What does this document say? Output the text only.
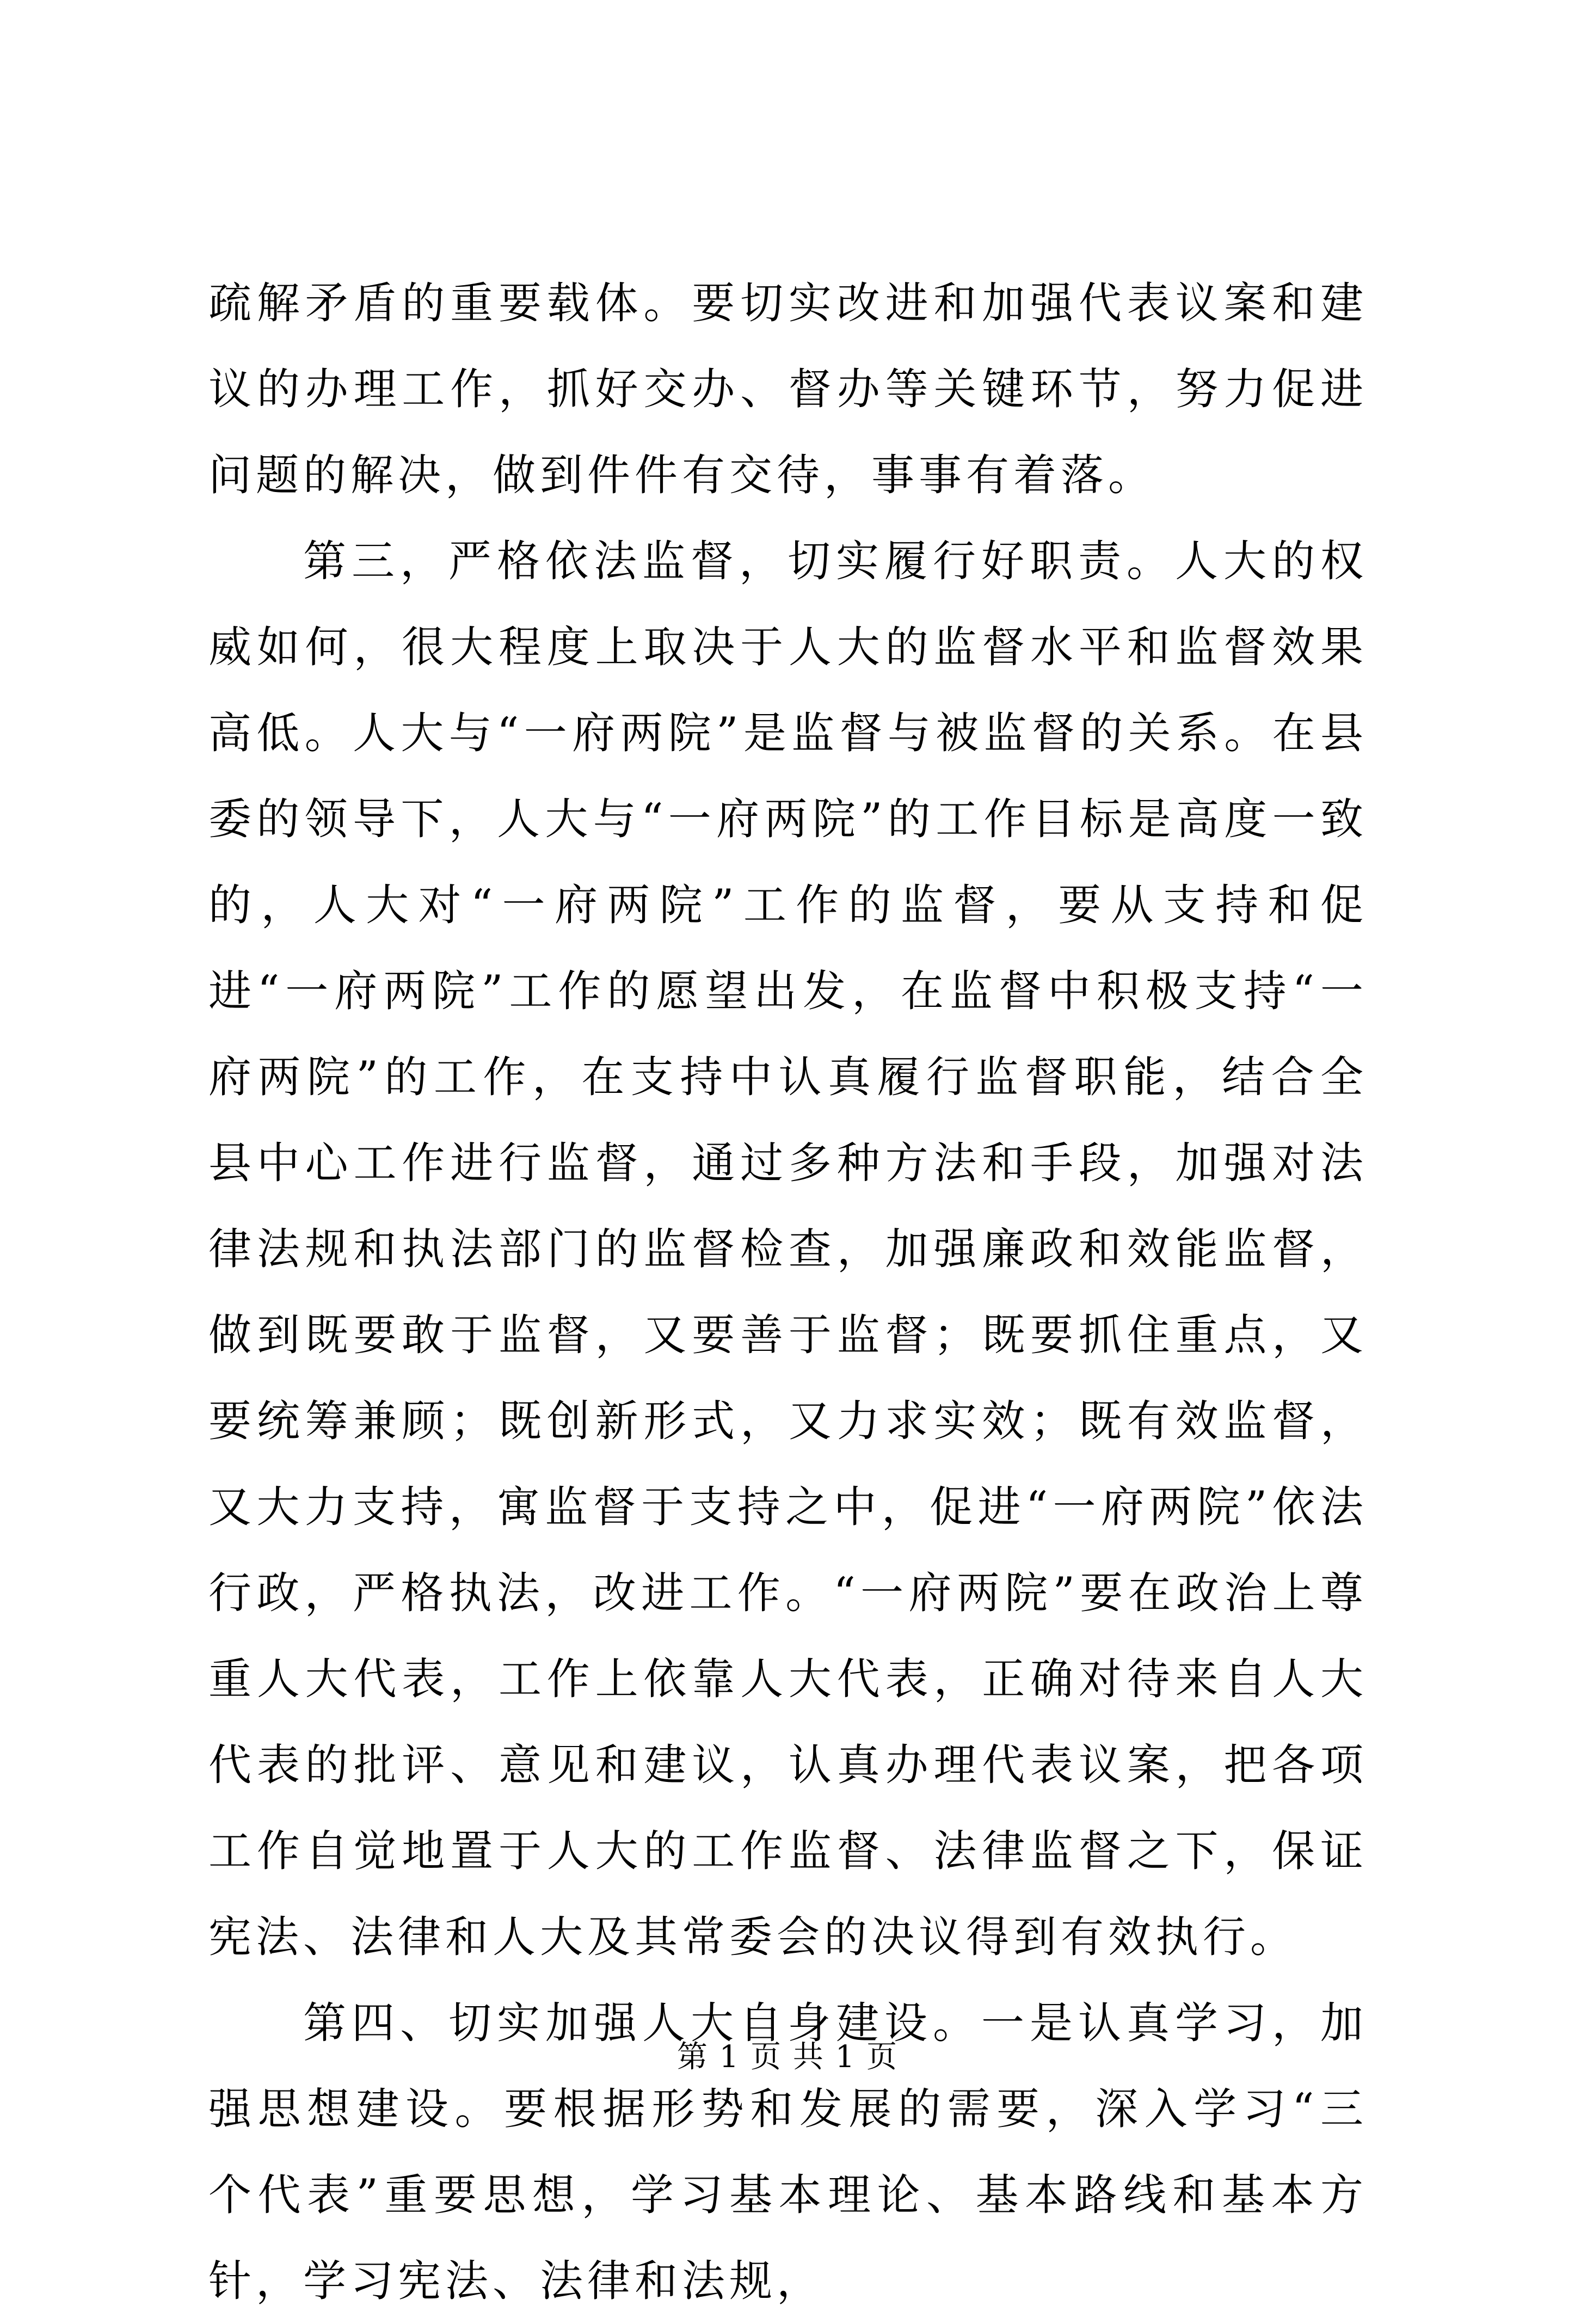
疏解矛盾的重要载体。要切实改进和加强代表议案和建议的办理工作，抓好交办、督办等关键环节，努力促进问题的解决，做到件件有交待，事事有着落。

第三，严格依法监督，切实履行好职责。人大的权威如何，很大程度上取决于人大的监督水平和监督效果高低。人大与“一府两院”是监督与被监督的关系。在县委的领导下，人大与“一府两院”的工作目标是高度一致的，人大对“一府两院”工作的监督，要从支持和促进“一府两院”工作的愿望出发，在监督中积极支持“一府两院”的工作，在支持中认真履行监督职能，结合全县中心工作进行监督，通过多种方法和手段，加强对法律法规和执法部门的监督检查，加强廉政和效能监督，做到既要敢于监督，又要善于监督；既要抓住重点，又要统筹兼顾；既创新形式，又力求实效；既有效监督，又大力支持，寓监督于支持之中，促进“一府两院”依法行政，严格执法，改进工作。“一府两院”要在政治上尊重人大代表，工作上依靠人大代表，正确对待来自人大代表的批评、意见和建议，认真办理代表议案，把各项工作自觉地置于人大的工作监督、法律监督之下，保证宪法、法律和人大及其常委会的决议得到有效执行。

第四、切实加强人大自身建设。一是认真学习，加强思想建设。要根据形势和发展的需要，深入学习“三个代表”重要思想，学习基本理论、基本路线和基本方针，学习宪法、法律和法规，

第 1 页 共 1 页
